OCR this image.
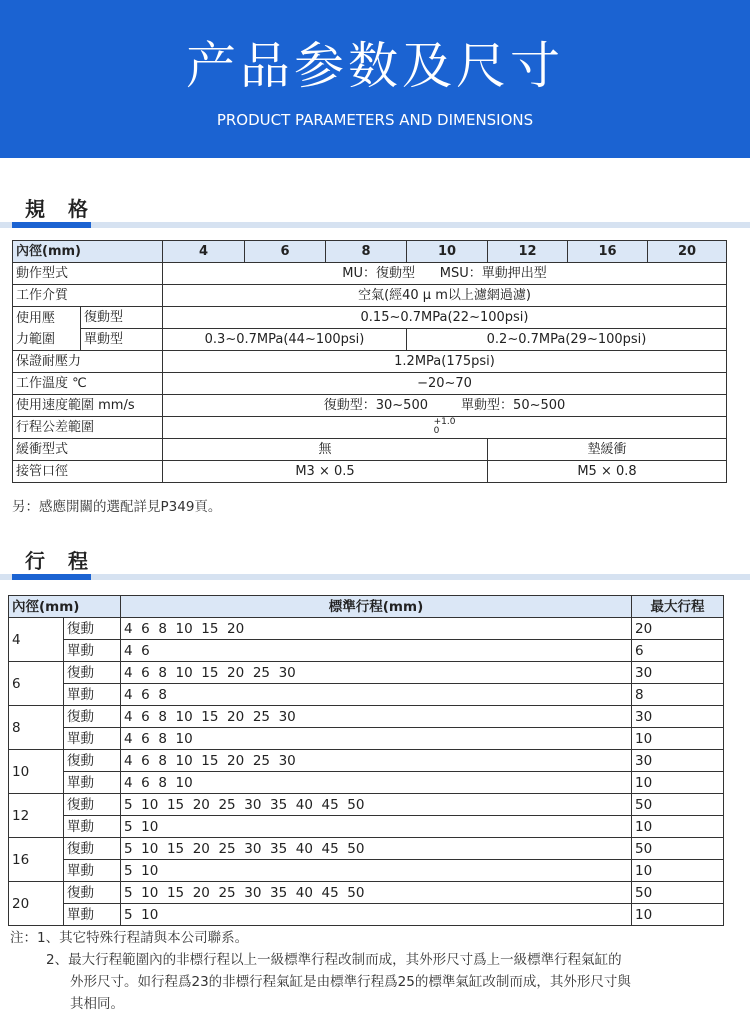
产品参数及尺寸
PRODUCT PARAMETERS AND DIMENSIONS
規 格
內徑(mm)		4	6	8	10	12	16	20
動作型式		MU：復動型 MSU：單動押出型						
工作介質		空氣(經40 μ m以上濾網過濾)						
使用壓
力範圍	復動型	0.15~0.7MPa(22~100psi)						
	單動型	0.3~0.7MPa(44~100psi)			0.2~0.7MPa(29~100psi)			
保證耐壓力		1.2MPa(175psi)						
工作溫度 ℃		−20~70						
使用速度範圍 mm/s		復動型：30~500 單動型：50~500						
行程公差範圍		+1.0
0						
緩衝型式		無				墊緩衝		
接管口徑		M3 × 0.5				M5 × 0.8		
另：感應開關的選配詳見P349頁。
行 程
內徑(mm)		標準行程(mm)	最大行程
4	復動	4  6  8  10  15  20	20
	單動	4  6	6
6	復動	4  6  8  10  15  20  25  30	30
	單動	4  6  8	8
8	復動	4  6  8  10  15  20  25  30	30
	單動	4  6  8  10	10
10	復動	4  6  8  10  15  20  25  30	30
	單動	4  6  8  10	10
12	復動	5  10  15  20  25  30  35  40  45  50	50
	單動	5  10	10
16	復動	5  10  15  20  25  30  35  40  45  50	50
	單動	5  10	10
20	復動	5  10  15  20  25  30  35  40  45  50	50
	單動	5  10	10
注：1、其它特殊行程請與本公司聯系。
2、最大行程範圍內的非標行程以上一級標準行程改制而成，其外形尺寸爲上一級標準行程氣缸的
外形尺寸。如行程爲23的非標行程氣缸是由標準行程爲25的標準氣缸改制而成，其外形尺寸與
其相同。
